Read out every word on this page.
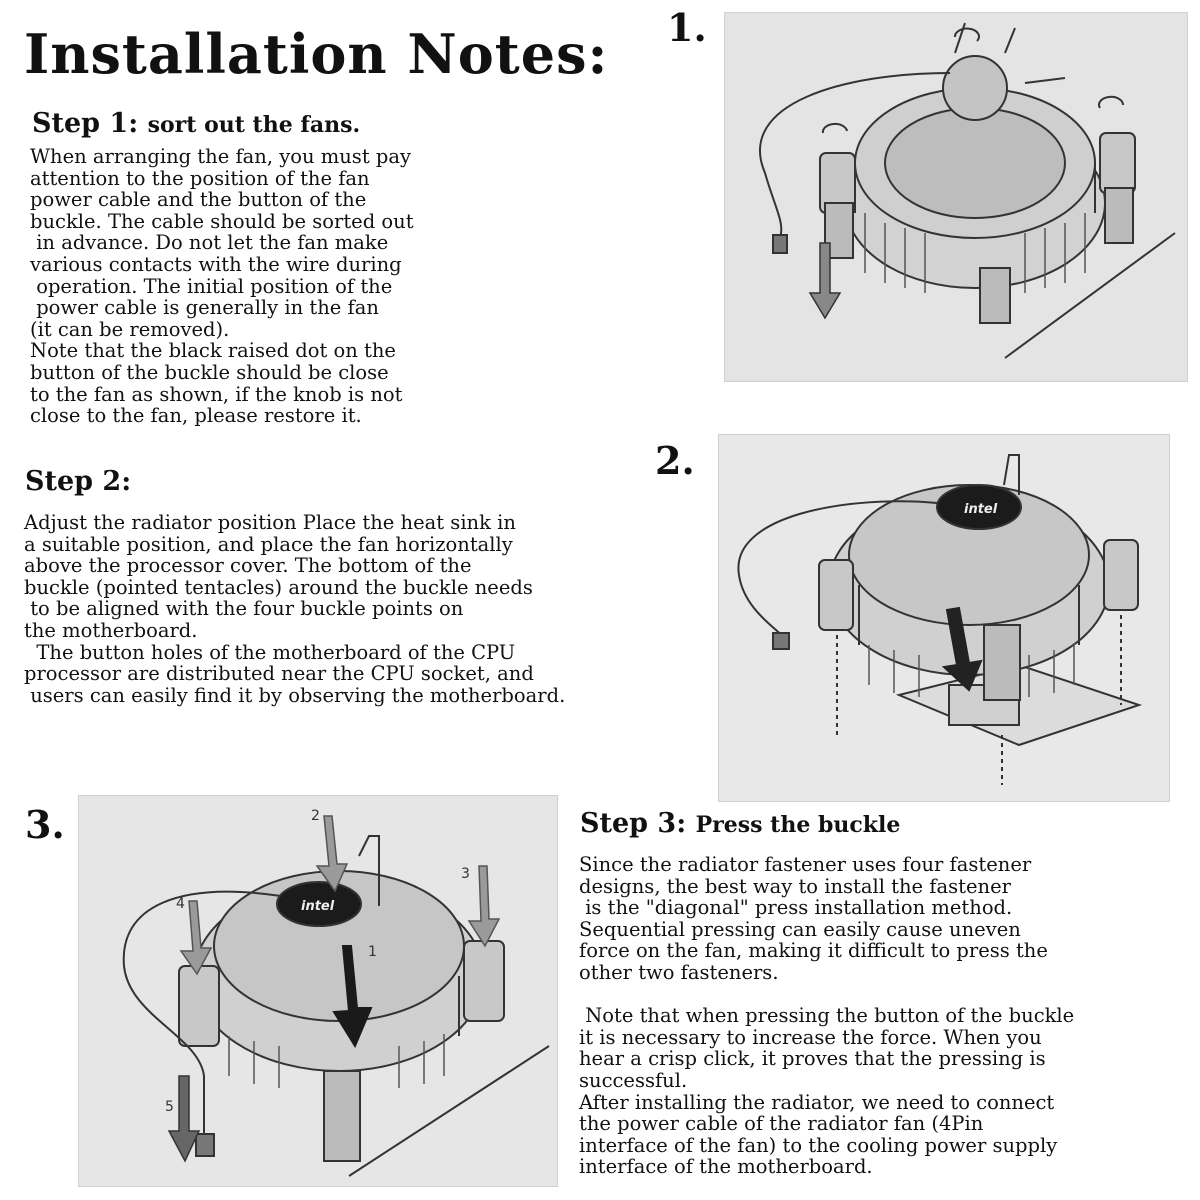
Installation Notes:
Step 1: sort out the fans.
When arranging the fan, you must pay
attention to the position of the fan
power cable and the button of the
buckle. The cable should be sorted out
in advance. Do not let the fan make
various contacts with the wire during
operation. The initial position of the
power cable is generally in the fan
(it can be removed).
Note that the black raised dot on the
button of the buckle should be close
to the fan as shown, if the knob is not
close to the fan, please restore it.
Step 2:
Adjust the radiator position Place the heat sink in
a suitable position, and place the fan horizontally
above the processor cover. The bottom of the
buckle (pointed tentacles) around the buckle needs
to be aligned with the four buckle points on
the motherboard.
The button holes of the motherboard of the CPU
processor are distributed near the CPU socket, and
users can easily find it by observing the motherboard.
Step 3: Press the buckle
Since the radiator fastener uses four fastener
designs, the best way to install the fastener
is the "diagonal" press installation method.
Sequential pressing can easily cause uneven
force on the fan, making it difficult to press the
other two fasteners.
Note that when pressing the button of the buckle
it is necessary to increase the force. When you
hear a crisp click, it proves that the pressing is
successful.
After installing the radiator, we need to connect
the power cable of the radiator fan (4Pin
interface of the fan) to the cooling power supply
interface of the motherboard.
1.
2.
3.
intel
intel
1
2
3
4
5
